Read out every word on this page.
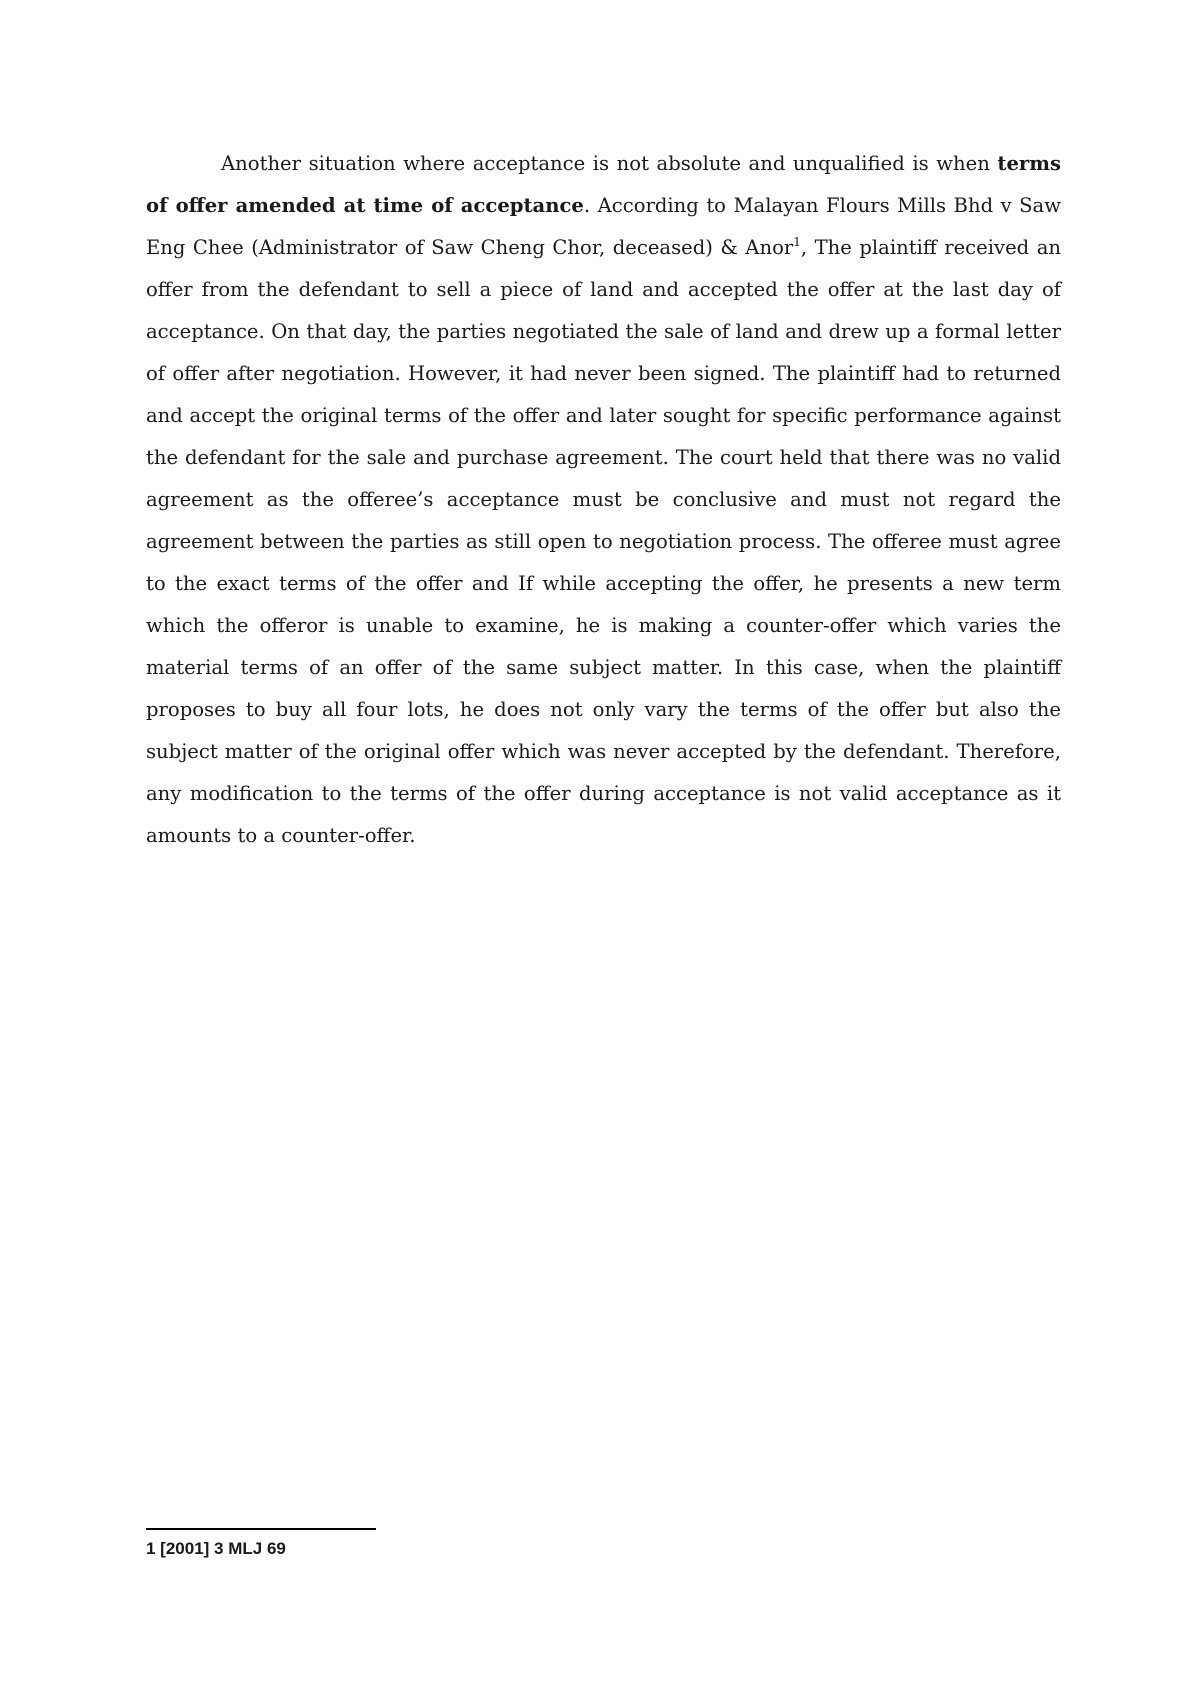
Another situation where acceptance is not absolute and unqualified is when terms of offer amended at time of acceptance. According to Malayan Flours Mills Bhd v Saw Eng Chee (Administrator of Saw Cheng Chor, deceased) & Anor$^1$, The plaintiff received an offer from the defendant to sell a piece of land and accepted the offer at the last day of acceptance. On that day, the parties negotiated the sale of land and drew up a formal letter of offer after negotiation. However, it had never been signed. The plaintiff had to returned and accept the original terms of the offer and later sought for specific performance against the defendant for the sale and purchase agreement. The court held that there was no valid agreement as the offeree’s acceptance must be conclusive and must not regard the agreement between the parties as still open to negotiation process. The offeree must agree to the exact terms of the offer and If while accepting the offer, he presents a new term which the offeror is unable to examine, he is making a counter-offer which varies the material terms of an offer of the same subject matter. In this case, when the plaintiff proposes to buy all four lots, he does not only vary the terms of the offer but also the subject matter of the original offer which was never accepted by the defendant. Therefore, any modification to the terms of the offer during acceptance is not valid acceptance as it amounts to a counter-offer.

1 [2001] 3 MLJ 69
